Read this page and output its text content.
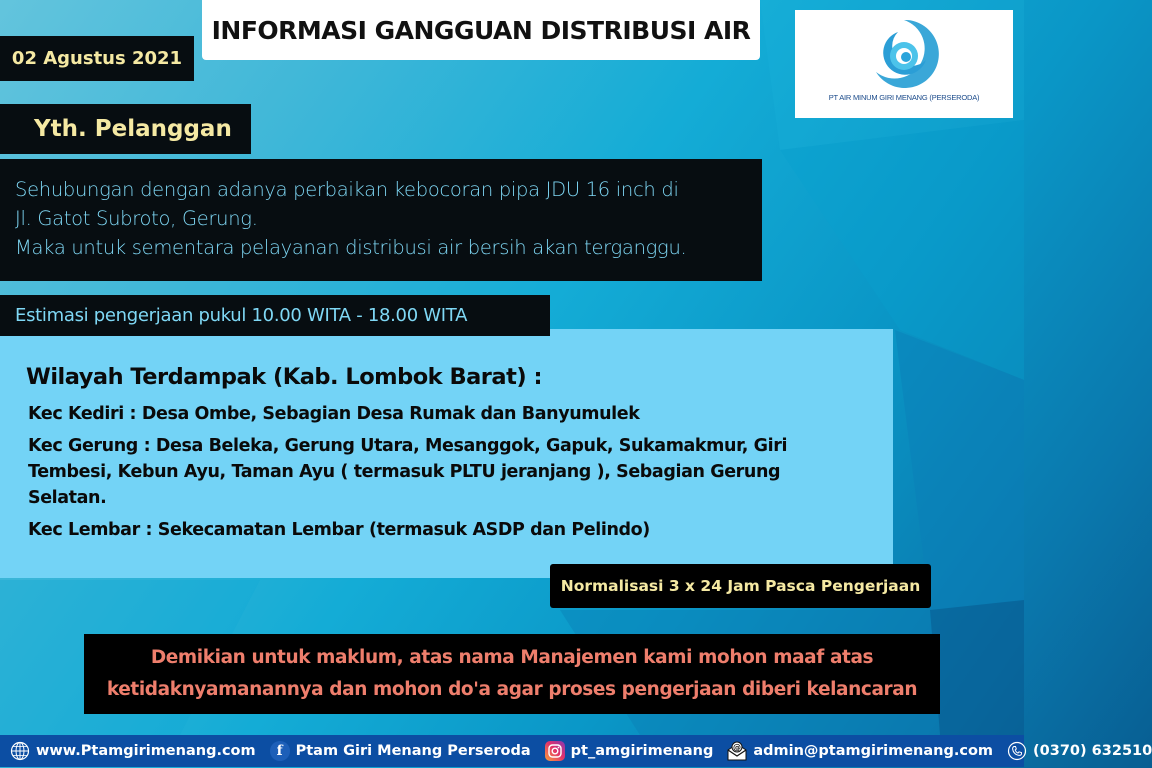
02 Agustus 2021
INFORMASI GANGGUAN DISTRIBUSI AIR
PT AIR MINUM GIRI MENANG (PERSERODA)
Yth. Pelanggan
Sehubungan dengan adanya perbaikan kebocoran pipa JDU 16 inch di
Jl. Gatot Subroto, Gerung.
Maka untuk sementara pelayanan distribusi air bersih akan terganggu.
Wilayah Terdampak (Kab. Lombok Barat) :
Kec Kediri : Desa Ombe, Sebagian Desa Rumak dan Banyumulek
Kec Gerung : Desa Beleka, Gerung Utara, Mesanggok, Gapuk, Sukamakmur, Giri Tembesi, Kebun Ayu, Taman Ayu ( termasuk PLTU jeranjang ), Sebagian Gerung Selatan.
Kec Lembar : Sekecamatan Lembar (termasuk ASDP dan Pelindo)
Estimasi pengerjaan pukul 10.00 WITA - 18.00 WITA
Normalisasi 3 x 24 Jam Pasca Pengerjaan
Demikian untuk maklum, atas nama Manajemen kami mohon maaf atas
ketidaknyamanannya dan mohon do'a agar proses pengerjaan diberi kelancaran
www.Ptamgirimenang.com	f Ptam Giri Menang Perseroda	pt_amgirimenang	@ admin@ptamgirimenang.com	(0370) 632510
